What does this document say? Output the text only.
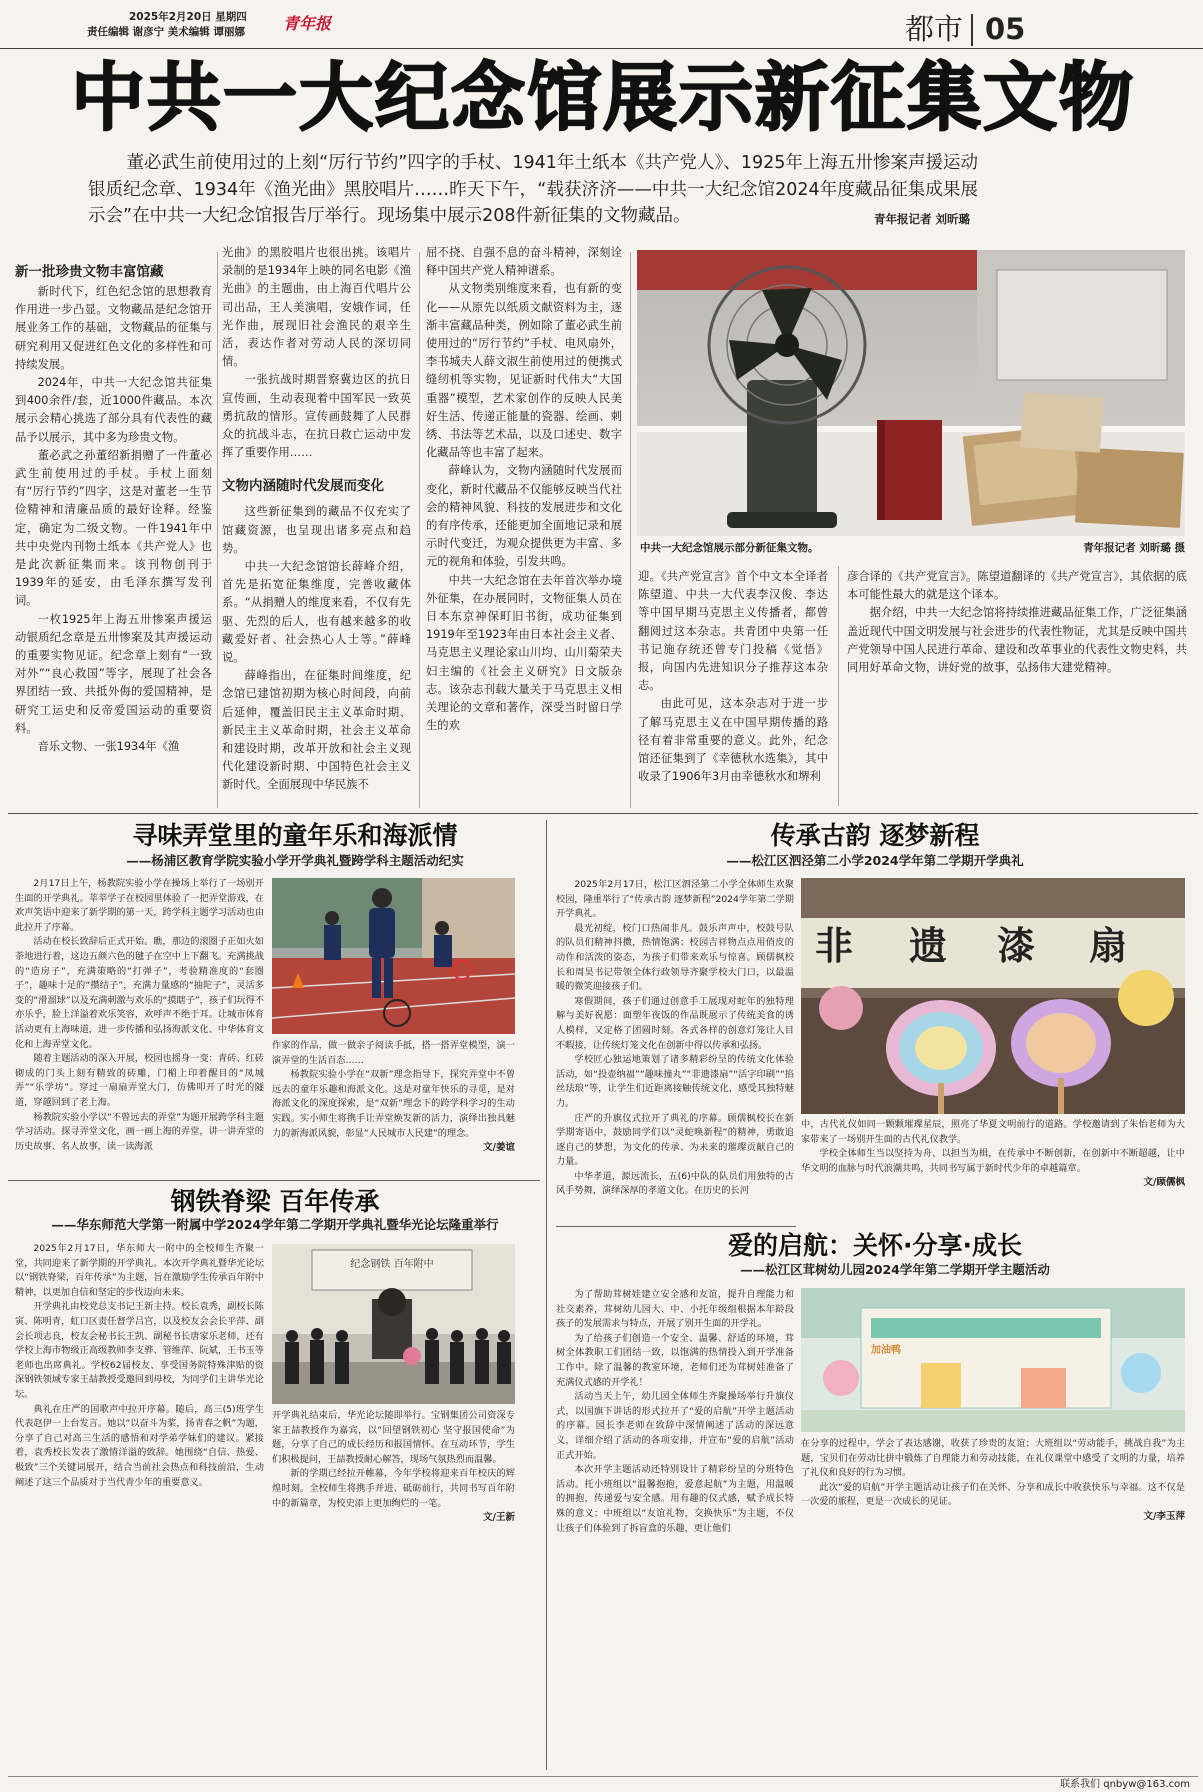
2025年2月20日 星期四
责任编辑 谢彦宁 美术编辑 谭丽娜 青年报	都市 05
中共一大纪念馆展示新征集文物
董必武生前使用过的上刻“厉行节约”四字的手杖、1941年土纸本《共产党人》、1925年上海五卅惨案声援运动银质纪念章、1934年《渔光曲》黑胶唱片……昨天下午，“载获济济——中共一大纪念馆2024年度藏品征集成果展示会”在中共一大纪念馆报告厅举行。现场集中展示208件新征集的文物藏品。	青年报记者 刘昕璐
新一批珍贵文物丰富馆藏

新时代下，红色纪念馆的思想教育作用进一步凸显。文物藏品是纪念馆开展业务工作的基础，文物藏品的征集与研究利用又促进红色文化的多样性和可持续发展。

2024年，中共一大纪念馆共征集到400余件/套，近1000件藏品。本次展示会精心挑选了部分具有代表性的藏品予以展示，其中多为珍贵文物。

董必武之孙董绍新捐赠了一件董必武生前使用过的手杖。手杖上面刻有“厉行节约”四字，这是对董老一生节俭精神和清廉品质的最好诠释。经鉴定，确定为二级文物。一件1941年中共中央党内刊物土纸本《共产党人》也是此次新征集而来。该刊物创刊于1939年的延安，由毛泽东撰写发刊词。

一枚1925年上海五卅惨案声援运动银质纪念章是五卅惨案及其声援运动的重要实物见证。纪念章上刻有“一致对外”“良心救国”等字，展现了社会各界团结一致、共抵外侮的爱国精神，是研究工运史和反帝爱国运动的重要资料。

音乐文物、一张1934年《渔

光曲》的黑胶唱片也很出挑。该唱片录制的是1934年上映的同名电影《渔光曲》的主题曲，由上海百代唱片公司出品，王人美演唱，安娥作词，任光作曲，展现旧社会渔民的艰辛生活，表达作者对劳动人民的深切同情。

一张抗战时期晋察冀边区的抗日宣传画，生动表现着中国军民一致英勇抗敌的情形。宣传画鼓舞了人民群众的抗战斗志，在抗日救亡运动中发挥了重要作用……

文物内涵随时代发展而变化

这些新征集到的藏品不仅充实了馆藏资源，也呈现出诸多亮点和趋势。

中共一大纪念馆馆长薛峰介绍，首先是拓宽征集维度，完善收藏体系。“从捐赠人的维度来看，不仅有先驱、先烈的后人，也有越来越多的收藏爱好者、社会热心人士等。”薛峰说。

薛峰指出，在征集时间维度，纪念馆已建馆初期为核心时间段，向前后延伸，覆盖旧民主主义革命时期、新民主主义革命时期，社会主义革命和建设时期，改革开放和社会主义现代化建设新时期、中国特色社会主义新时代。全面展现中华民族不

屈不挠、自强不息的奋斗精神，深刻诠释中国共产党人精神谱系。

从文物类别维度来看，也有新的变化——从原先以纸质文献资料为主，逐渐丰富藏品种类，例如除了董必武生前使用过的“厉行节约”手杖、电风扇外，李书城夫人薛文淑生前使用过的便携式缝纫机等实物，见证新时代伟大“大国重器”模型，艺术家创作的反映人民美好生活、传递正能量的瓷器、绘画、刺绣、书法等艺术品，以及口述史、数字化藏品等也丰富了起来。

薛峰认为，文物内涵随时代发展而变化，新时代藏品不仅能够反映当代社会的精神风貌、科技的发展进步和文化的有序传承，还能更加全面地记录和展示时代变迁，为观众提供更为丰富、多元的视角和体验，引发共鸣。

中共一大纪念馆在去年首次举办境外征集，在办展同时，文物征集人员在日本东京神保町旧书街，成功征集到1919年至1923年由日本社会主义者、马克思主义理论家山川均、山川菊荣夫妇主编的《社会主义研究》日文版杂志。该杂志刊载大量关于马克思主义相关理论的文章和著作，深受当时留日学生的欢

中共一大纪念馆展示部分新征集文物。	青年报记者 刘昕璐 摄

迎。《共产党宣言》首个中文本全译者陈望道、中共一大代表李汉俊、李达等中国早期马克思主义传播者，都曾翻阅过这本杂志。共青团中央第一任书记施存统还曾专门投稿《觉悟》报，向国内先进知识分子推荐这本杂志。

由此可见，这本杂志对于进一步了解马克思主义在中国早期传播的路径有着非常重要的意义。此外，纪念馆还征集到了《幸德秋水选集》，其中收录了1906年3月由幸德秋水和堺利

彦合译的《共产党宣言》。陈望道翻译的《共产党宣言》，其依据的底本可能性最大的就是这个译本。

据介绍，中共一大纪念馆将持续推进藏品征集工作，广泛征集涵盖近现代中国文明发展与社会进步的代表性物证，尤其是反映中国共产党领导中国人民进行革命、建设和改革事业的代表性文物史料，共同用好革命文物，讲好党的故事，弘扬伟大建党精神。

寻味弄堂里的童年乐和海派情
——杨浦区教育学院实验小学开学典礼暨跨学科主题活动纪实

2月17日上午，杨教院实验小学在操场上举行了一场别开生面的开学典礼。莘莘学子在校园里体验了一把弄堂游戏，在欢声笑语中迎来了新学期的第一天，跨学科主题学习活动也由此拉开了序幕。

活动在校长致辞后正式开始。瞧，那边的滚圈子正如火如荼地进行着，这边五颜六色的毽子在空中上下翻飞。充满挑战的“造房子”，充满策略的“打弹子”，考验精准度的“套圈子”，趣味十足的“攒结子”，充满力量感的“抽陀子”，灵活多变的“滑溜球”以及充满刺激与欢乐的“摸瞎子”，孩子们玩得不亦乐乎，脸上洋溢着欢乐笑容，欢呼声不绝于耳。让城市体育活动更有上海味道，进一步传播和弘扬海派文化、中华体育文化和上海弄堂文化。

随着主题活动的深入开展，校园也摇身一变：青砖、红砖砌成的门头上刻有精致的砖雕，门楣上印着醒目的“凤城弄”“乐学坊”。穿过一扇扇弄堂大门，仿佛叩开了时光的隧道，穿越回到了老上海。

杨教院实验小学以“不曾远去的弄堂”为题开展跨学科主题学习活动。探寻弄堂文化，画一画上海的弄堂，讲一讲弄堂的历史故事、名人故事，读一读海派

作家的作品，做一做亲子阅读手抵，搭一搭弄堂模型，演一演弄堂的生活百态……

杨教院实验小学在“双新”理念指导下，探究弄堂中不曾远去的童年乐趣和海派文化。这是对童年快乐的寻觅，是对海派文化的深度探索，是“双新”理念下的跨学科学习的生动实践。实小师生将携手让弄堂焕发新的活力，演绎出独具魅力的新海派风貌，彰显“人民城市人民建”的理念。

文/姜谊
传承古韵 逐梦新程
——松江区泗泾第二小学2024学年第二学期开学典礼

2025年2月17日，松江区泗泾第二小学全体师生欢聚校园，隆重举行了“传承古韵 逐梦新程”2024学年第二学期开学典礼。

晨光初绽，校门口热闹非凡。鼓乐声声中，校鼓号队的队员们精神抖擞，热情饱满；校园吉祥物点点用俏皮的动作和活泼的姿态，为孩子们带来欢乐与惊喜。顾儒枫校长和周昊书记带领全体行政领导齐聚学校大门口，以最温暖的微笑迎接孩子们。

寒假期间，孩子们通过创意手工展现对蛇年的独特理解与美好祝愿：面塑年夜饭的作品既展示了传统美食的诱人模样，又定格了团圆时刻。各式各样的创意灯笼让人目不暇接，让传统灯笼文化在创新中得以传承和弘扬。

学校匠心独运地策划了诸多精彩纷呈的传统文化体验活动，如“投壶纳福”“趣味撞丸”“非遗漆扇”“活字印刷”“掐丝珐琅”等，让学生们近距离接触传统文化，感受其独特魅力。

庄严的升旗仪式拉开了典礼的序幕。顾儒枫校长在新学期寄语中，鼓励同学们以“灵蛇唤新程”的精神，勇敢追逐自己的梦想，为文化的传承、为未来的璀璨贡献自己的力量。

中华孝道，源远流长，五(6)中队的队员们用独特的古风手势舞，演绎深厚的孝道文化。在历史的长河

非 遗 漆 扇

中，古代礼仪如同一颗颗璀璨星辰，照亮了华夏文明前行的道路。学校邀请到了朱怡老师为大家带来了一场别开生面的古代礼仪教学。

学校全体师生当以坚持为舟、以担当为楫，在传承中不断创新，在创新中不断超越，让中华文明的血脉与时代浪潮共鸣，共同书写属于新时代少年的卓越篇章。

文/顾儒枫
钢铁脊梁 百年传承
——华东师范大学第一附属中学2024学年第二学期开学典礼暨华光论坛隆重举行

2025年2月17日，华东师大一附中的全校师生齐聚一堂，共同迎来了新学期的开学典礼。本次开学典礼暨华光论坛以“钢铁脊梁，百年传承”为主题，旨在激励学生传承百年附中精神，以更加自信和坚定的步伐迈向未来。

开学典礼由校党总支书记王新主持。校长袁秀，副校长陈寅、陈明青，虹口区责任督学吕宫，以及校友会会长平萍、副会长项志良，校友会秘书长王凯、副秘书长唐家乐老师，还有学校上海市物级正高级教师李支骅、管维萍、阮斌，王书玉等老师也出席典礼。学校62届校友、享受国务院特殊津贴的资深钢铁领域专家王喆教授受邀回到母校，为同学们主讲华光论坛。

典礼在庄严的国歌声中拉开序幕。随后，高三(5)班学生代表赵伊一上台发言。她以“以奋斗为桨，扬青春之帆”为题，分享了自己对高三生活的感悟和对学弟学妹们的建议。紧接着，袁秀校长发表了激情洋溢的致辞。她围绕“自信、热爱、极致”三个关键词展开，结合当前社会热点和科技前沿，生动阐述了这三个品质对于当代青少年的重要意义。

纪念钢铁 百年附中

开学典礼结束后，华光论坛随即举行。宝钢集团公司资深专家王喆教授作为嘉宾，以“回望钢铁初心 坚守报国使命”为题，分享了自己的成长经历和报国情怀。在互动环节，学生们积极提问，王喆教授耐心解答，现场气氛热烈而温馨。

新的学期已经拉开帷幕，今年学校将迎来百年校庆的辉煌时刻。全校师生将携手并进、砥砺前行，共同书写百年附中的新篇章，为校史添上更加绚烂的一笔。

文/王新
爱的启航：关怀·分享·成长
——松江区茸树幼儿园2024学年第二学期开学主题活动

为了帮助茸树娃建立安全感和友谊，提升自理能力和社交素养，茸树幼儿园大、中、小托年级组根据本年龄段孩子的发展需求与特点，开展了别开生面的开学礼。

为了给孩子们创造一个安全、温馨、舒适的环境，茸树全体教职工们团结一致，以饱满的热情投入到开学准备工作中。除了温馨的教室环境，老师们还为茸树娃准备了充满仪式感的开学礼！

活动当天上午，幼儿园全体师生齐聚操场举行升旗仪式，以国旗下讲话的形式拉开了“爱的启航”开学主题活动的序幕。园长李老师在致辞中深情阐述了活动的深远意义，详细介绍了活动的各项安排，并宣布“爱的启航”活动正式开始。

本次开学主题活动还特别设计了精彩纷呈的分班特色活动。托小班组以“温馨抱抱，爱意起航”为主题，用温暖的拥抱，传递爱与安全感。用有趣的仪式感，赋予成长特殊的意义；中班组以“友谊礼物，交换快乐”为主题，不仅让孩子们体验到了拆盲盒的乐趣，更让他们

加油鸭

在分享的过程中，学会了表达感谢，收获了珍贵的友谊；大班组以“劳动能手，挑战自我”为主题，宝贝们在劳动比拼中锻炼了自理能力和劳动技能，在礼仪课堂中感受了文明的力量，培养了礼仪和良好的行为习惯。

此次“爱的启航”开学主题活动让孩子们在关怀、分享和成长中收获快乐与幸福。这不仅是一次爱的旅程，更是一次成长的见证。

文/李玉萍
联系我们 qnbyw@163.com
